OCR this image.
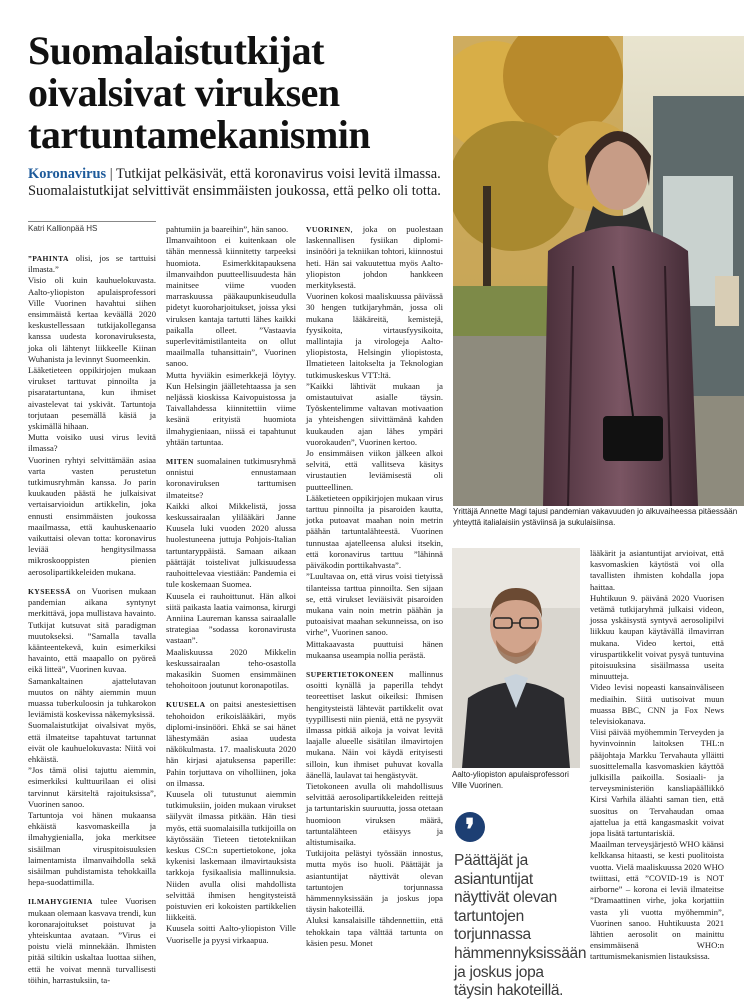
Suomalaistutkijat oivalsivat viruksen tartuntamekanismin
Koronavirus | Tutkijat pelkäsivät, että koronavirus voisi levitä ilmassa.
Suomalaistutkijat selvittivät ensimmäisten joukossa, että pelko oli totta.
Katri Kallionpää HS

”PAHINTA olisi, jos se tarttuisi ilmasta.”

Visio oli kuin kauhuelokuvasta. Aalto-yliopiston apulaisprofessori Ville Vuorinen havahtui siihen ensimmäistä kertaa keväällä 2020 keskustellessaan tutkijakollegansa kanssa uudesta koronaviruksesta, joka oli lähtenyt liikkeelle Kiinan Wuhanista ja levinnyt Suomeenkin.

Lääketieteen oppikirjojen mukaan virukset tarttuvat pinnoilta ja pisaratartuntana, kun ihmiset aivastelevat tai yskivät. Tartuntoja torjutaan pesemällä käsiä ja yskimällä hihaan.

Mutta voisiko uusi virus levitä ilmassa?

Vuorinen ryhtyi selvittämään asiaa varta vasten perustetun tutkimusryhmän kanssa. Jo parin kuukauden päästä he julkaisivat vertaisarvioidun artikkelin, joka ennusti ensimmäisten joukossa maailmassa, että kauhuskenaario vaikuttaisi olevan totta: koronavirus leviää hengitysilmassa mikroskooppisten pienien aerosolipartikkeleiden mukana.

KYSEESSÄ on Vuorisen mukaan pandemian aikana syntynyt merkittävä, jopa mullistava havainto. Tutkijat kutsuvat sitä paradigman muutokseksi. ”Samalla tavalla käänteentekevä, kuin esimerkiksi havainto, että maapallo on pyöreä eikä litteä”, Vuorinen kuvaa.

Samankaltainen ajattelutavan muutos on nähty aiemmin muun muassa tuberkuloosin ja tuhkarokon leviämistä koskevissa näkemyksissä.

Suomalaistutkijat oivalsivat myös, että ilmateitse tapahtuvat tartunnat eivät ole kauhuelokuvasta: Niitä voi ehkäistä.

”Jos tämä olisi tajuttu aiemmin, esimerkiksi kulttuurilaan ei olisi tarvinnut kärsiteltä rajoituksissa”, Vuorinen sanoo.

Tartuntoja voi hänen mukaansa ehkäistä kasvomaskeilla ja ilmahygienialla, joka merkitsee sisäilman viruspitoisuuksien laimentamista ilmanvaihdolla sekä sisäilman puhdistamista tehokkailla hepa-suodattimilla.

ILMAHYGIENIA tulee Vuorisen mukaan olemaan kasvava trendi, kun koronarajoitukset poistuvat ja yhteiskuntaa avataan. ”Virus ei poistu vielä minnekään. Ihmisten pitää siltikin uskaltaa luottaa siihen, että he voivat mennä turvallisesti töihin, harrastuksiin, ta-

pahtumiin ja baareihin”, hän sanoo.

Ilmanvaihtoon ei kuitenkaan ole tähän mennessä kiinnitetty tarpeeksi huomiota. Esimerkkitapauksena ilmanvaihdon puutteellisuudesta hän mainitsee viime vuoden marraskuussa pääkaupunkiseudulla pidetyt kuoroharjoitukset, joissa yksi viruksen kantaja tartutti lähes kaikki paikalla olleet. ”Vastaavia superlevitämistilanteita on ollut maailmalla tuhansittain”, Vuorinen sanoo.

Mutta hyviäkin esimerkkejä löytyy. Kun Helsingin jäälletehtaassa ja sen neljässä kioskissa Kaivopuistossa ja Taivallahdessa kiinnitettiin viime kesänä erityistä huomiota ilmahygieniaan, niissä ei tapahtunut yhtään tartuntaa.

MITEN suomalainen tutkimusryhmä onnistui ennustamaan koronaviruksen tarttumisen ilmateitse?

Kaikki alkoi Mikkelistä, jossa keskussairaalan ylilääkäri Janne Kuusela luki vuoden 2020 alussa huolestuneena juttuja Pohjois-Italian tartuntaryppäistä. Samaan aikaan päättäjät toistelivat julkisuudessa rauhoittelevaa viestiään: Pandemia ei tule koskemaan Suomea.

Kuusela ei rauhoittunut. Hän alkoi siitä paikasta laatia vaimonsa, kirurgi Anniina Laureman kanssa sairaalalle strategiaa ”sodassa koronavirusta vastaan”.

Maaliskuussa 2020 Mikkelin keskussairaalan teho-osastolla makasikin Suomen ensimmäinen tehohoitoon joutunut koronapotilas.

KUUSELA on paitsi anestesiettisen tehohoidon erikoislääkäri, myös diplomi-insinööri. Ehkä se sai hänet lähestymään asiaa uudesta näkökulmasta. 17. maaliskuuta 2020 hän kirjasi ajatuksensa paperille: Pahin torjuttava on viholliinen, joka on ilmassa.

Kuusela oli tutustunut aiemmin tutkimuksiin, joiden mukaan virukset säilyvät ilmassa pitkään. Hän tiesi myös, että suomalaisilla tutkijoilla on käytössään Tieteen tietotekniikan keskus CSC:n supertietokone, joka kykenisi laskemaan ilmavirtauksista tarkkoja fysikaalisia mallinnuksia. Niiden avulla olisi mahdollista selvittää ihmisen hengitysteistä poistuvien eri kokoisten partikkelien liikkeitä.

Kuusela soitti Aalto-yliopiston Ville Vuoriselle ja pyysi virkaapua.

VUORINEN, joka on puolestaan laskennallisen fysiikan diplomi-insinööri ja tekniikan tohtori, kiinnostui heti. Hän sai vakuutettua myös Aalto-yliopiston johdon hankkeen merkityksestä.

Vuorinen kokosi maaliskuussa päivässä 30 hengen tutkijaryhmän, jossa oli mukana lääkäreitä, kemistejä, fyysikoita, virtausfyysikoita, mallintajia ja virologeja Aalto-yliopistosta, Helsingin yliopistosta, Ilmatieteen laitokselta ja Teknologian tutkimuskeskus VTT:ltä.

”Kaikki lähtivät mukaan ja omistautuivat asialle täysin. Työskentelimme valtavan motivaation ja yhteishengen siivittämänä kahden kuukauden ajan lähes ympäri vuorokauden”, Vuorinen kertoo.

Jo ensimmäisen viikon jälkeen alkoi selvitä, että vallitseva käsitys virustautien leviämisestä oli puutteellinen.

Lääketieteen oppikirjojen mukaan virus tarttuu pinnoilta ja pisaroiden kautta, jotka putoavat maahan noin metrin päähän tartuntalähteestä. Vuorinen tunnustaa ajatelleensa aluksi itsekin, että koronavirus tarttuu ”lähinnä päiväkodin porttikahvasta”.

”Luultavaa on, että virus voisi tietyissä tilanteissa tarttua pinnoilta. Sen sijaan se, että virukset leviäisivät pisaroiden mukana vain noin metrin päähän ja putoaisivat maahan sekunneissa, on iso virhe”, Vuorinen sanoo.

Mittakaavasta puuttuisi hänen mukaansa useampia nollia perästä.

SUPERTIETOKONEEN mallinnus osoitti kynällä ja paperilla tehdyt teoreettiset laskut oikeiksi: Ihmisen hengitysteistä lähtevät partikkelit ovat tyypillisesti niin pieniä, että ne pysyvät ilmassa pitkiä aikoja ja voivat levitä laajalle alueelle sisätilan ilmavirtojen mukana. Näin voi käydä erityisesti silloin, kun ihmiset puhuvat kovalla äänellä, laulavat tai hengästyvät.

Tietokoneen avulla oli mahdollisuus selvittää aerosolipartikkeleiden reittejä ja tartuntariskin suuruutta, jossa otetaan huomioon viruksen määrä, tartuntalähteen etäisyys ja altistumisaika.

Tutkijoita pelästyi työssään innostus, mutta myös iso huoli. Päättäjät ja asiantuntijat näyttivät olevan tartuntojen torjunnassa hämmennyksissään ja joskus jopa täysin hakoteillä.

Aluksi kansalaisille tähdennettiin, että tehokkain tapa välttää tartunta on käsien pesu. Monet

lääkärit ja asiantuntijat arvioivat, että kasvomaskien käytöstä voi olla tavallisten ihmisten kohdalla jopa haittaa.

Huhtikuun 9. päivänä 2020 Vuorisen vetämä tutkijaryhmä julkaisi videon, jossa yskäisystä syntyvä aerosolipilvi liikkuu kaupan käytävällä ilmavirran mukana. Video kertoi, että viruspartikkelit voivat pysyä tuntuvina pitoisuuksina sisäilmassa useita minuutteja.

Video levisi nopeasti kansainväliseen mediaihin. Siitä uutisoivat muun muassa BBC, CNN ja Fox News televisiokanava.

Viisi päivää myöhemmin Terveyden ja hyvinvoinnin laitoksen THL:n pääjohtaja Markku Tervahauta ylläitti suosittelemalla kasvomaskien käyttöä julkisilla paikoilla. Sosiaali- ja terveysministeriön kansliapäällikkö Kirsi Varhila äläahti saman tien, että suositus on Tervahaudan omaa ajattelua ja että kangasmaskit voivat jopa lisätä tartuntariskiä.

Maailman terveysjärjestö WHO käänsi kelkkansa hitaasti, se kesti puolitoista vuotta. Vielä maaliskuussa 2020 WHO twiittasi, että ”COVID-19 is NOT airborne” – korona ei leviä ilmateitse ”Dramaattinen virhe, joka korjattiin vasta yli vuotta myöhemmin”, Vuorinen sanoo. Huhtikuusta 2021 lähtien aerosolit on mainittu ensimmäisenä WHO:n tarttumismekanismien listauksissa.

Yrittäjä Annette Magi tajusi pandemian vakavuuden jo alkuvaiheessa pitäessään yhteyttä italialaisiin ystäviinsä ja sukulaisiinsa.
Aalto-yliopiston apulaisprofessori Ville Vuorinen.
❜
Päättäjät ja asiantuntijat näyttivät olevan tartuntojen torjunnassa hämmennyksissään ja joskus jopa täysin hakoteillä.
